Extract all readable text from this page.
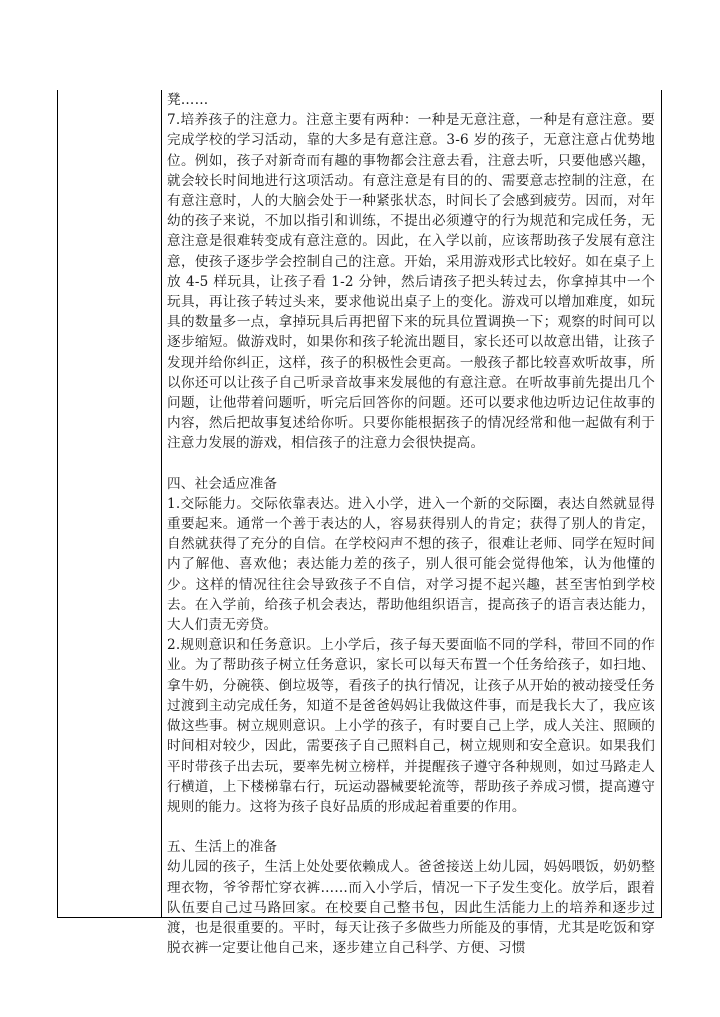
凳……

7.培养孩子的注意力。注意主要有两种：一种是无意注意，一种是有意注意。要完成学校的学习活动，靠的大多是有意注意。3-6 岁的孩子，无意注意占优势地位。例如，孩子对新奇而有趣的事物都会注意去看，注意去听，只要他感兴趣，就会较长时间地进行这项活动。有意注意是有目的的、需要意志控制的注意，在有意注意时，人的大脑会处于一种紧张状态，时间长了会感到疲劳。因而，对年幼的孩子来说，不加以指引和训练，不提出必须遵守的行为规范和完成任务，无意注意是很难转变成有意注意的。因此，在入学以前，应该帮助孩子发展有意注意，使孩子逐步学会控制自己的注意。开始，采用游戏形式比较好。如在桌子上放 4-5 样玩具，让孩子看 1-2 分钟，然后请孩子把头转过去，你拿掉其中一个玩具，再让孩子转过头来，要求他说出桌子上的变化。游戏可以增加难度，如玩具的数量多一点，拿掉玩具后再把留下来的玩具位置调换一下；观察的时间可以逐步缩短。做游戏时，如果你和孩子轮流出题目，家长还可以故意出错，让孩子发现并给你纠正，这样，孩子的积极性会更高。一般孩子都比较喜欢听故事，所以你还可以让孩子自己听录音故事来发展他的有意注意。在听故事前先提出几个问题，让他带着问题听，听完后回答你的问题。还可以要求他边听边记住故事的内容，然后把故事复述给你听。只要你能根据孩子的情况经常和他一起做有利于注意力发展的游戏，相信孩子的注意力会很快提高。

四、社会适应准备

1.交际能力。交际依靠表达。进入小学，进入一个新的交际圈，表达自然就显得重要起来。通常一个善于表达的人，容易获得别人的肯定；获得了别人的肯定，自然就获得了充分的自信。在学校闷声不想的孩子，很难让老师、同学在短时间内了解他、喜欢他；表达能力差的孩子，别人很可能会觉得他笨，认为他懂的少。这样的情况往往会导致孩子不自信，对学习提不起兴趣，甚至害怕到学校去。在入学前，给孩子机会表达，帮助他组织语言，提高孩子的语言表达能力，大人们责无旁贷。

2.规则意识和任务意识。上小学后，孩子每天要面临不同的学科，带回不同的作业。为了帮助孩子树立任务意识，家长可以每天布置一个任务给孩子，如扫地、拿牛奶，分碗筷、倒垃圾等，看孩子的执行情况，让孩子从开始的被动接受任务过渡到主动完成任务，知道不是爸爸妈妈让我做这件事，而是我长大了，我应该做这些事。树立规则意识。上小学的孩子，有时要自己上学，成人关注、照顾的时间相对较少，因此，需要孩子自己照料自己，树立规则和安全意识。如果我们平时带孩子出去玩，要率先树立榜样，并提醒孩子遵守各种规则，如过马路走人行横道，上下楼梯靠右行，玩运动器械要轮流等，帮助孩子养成习惯，提高遵守规则的能力。这将为孩子良好品质的形成起着重要的作用。

五、生活上的准备

幼儿园的孩子，生活上处处要依赖成人。爸爸接送上幼儿园，妈妈喂饭，奶奶整理衣物，爷爷帮忙穿衣裤……而入小学后，情况一下子发生变化。放学后，跟着队伍要自己过马路回家。在校要自己整书包，因此生活能力上的培养和逐步过渡，也是很重要的。平时，每天让孩子多做些力所能及的事情，尤其是吃饭和穿脱衣裤一定要让他自己来，逐步建立自己科学、方便、习惯
